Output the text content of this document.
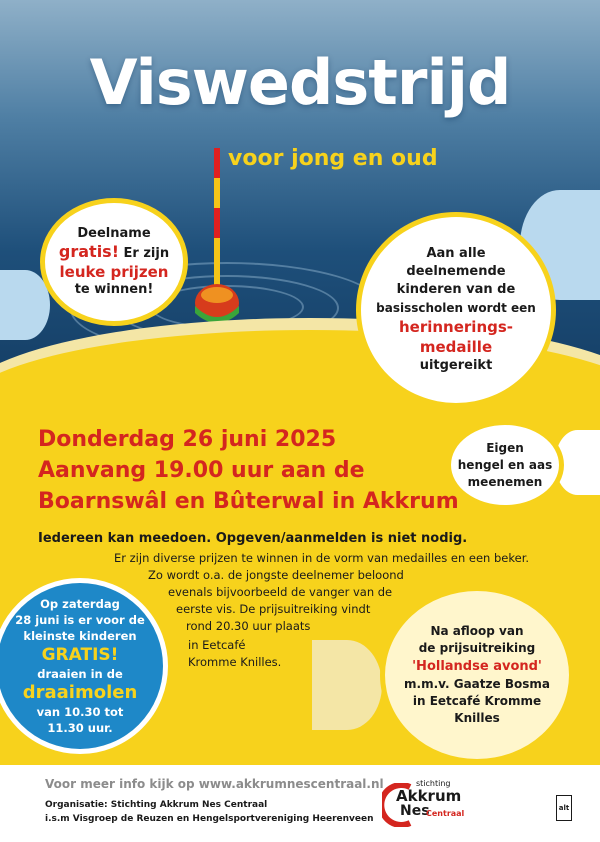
Viswedstrijd
voor jong en oud
Deelname
gratis! Er zijn
leuke prijzen
te winnen!
Aan alle
deelnemende
kinderen van de
basisscholen wordt een
herinnerings-
medaille
uitgereikt
Eigen
hengel en aas
meenemen
Donderdag 26 juni 2025
Aanvang 19.00 uur aan de
Boarnswâl en Bûterwal in Akkrum
Iedereen kan meedoen. Opgeven/aanmelden is niet nodig.
Er zijn diverse prijzen te winnen in de vorm van medailles en een beker.
Zo wordt o.a. de jongste deelnemer beloond
evenals bijvoorbeeld de vanger van de
eerste vis. De prijsuitreiking vindt
rond 20.30 uur plaats
in Eetcafé
Kromme Knilles.
Op zaterdag
28 juni is er voor de
kleinste kinderen
GRATIS!
draaien in de
draaimolen
van 10.30 tot
11.30 uur.
Na afloop van
de prijsuitreiking
'Hollandse avond'
m.m.v. Gaatze Bosma
in Eetcafé Kromme
Knilles
Voor meer info kijk op www.akkrumnescentraal.nl
Organisatie: Stichting Akkrum Nes Centraal
i.s.m Visgroep de Reuzen en Hengelsportvereniging Heerenveen
stichting
Akkrum
Nes
Centraal
alt
